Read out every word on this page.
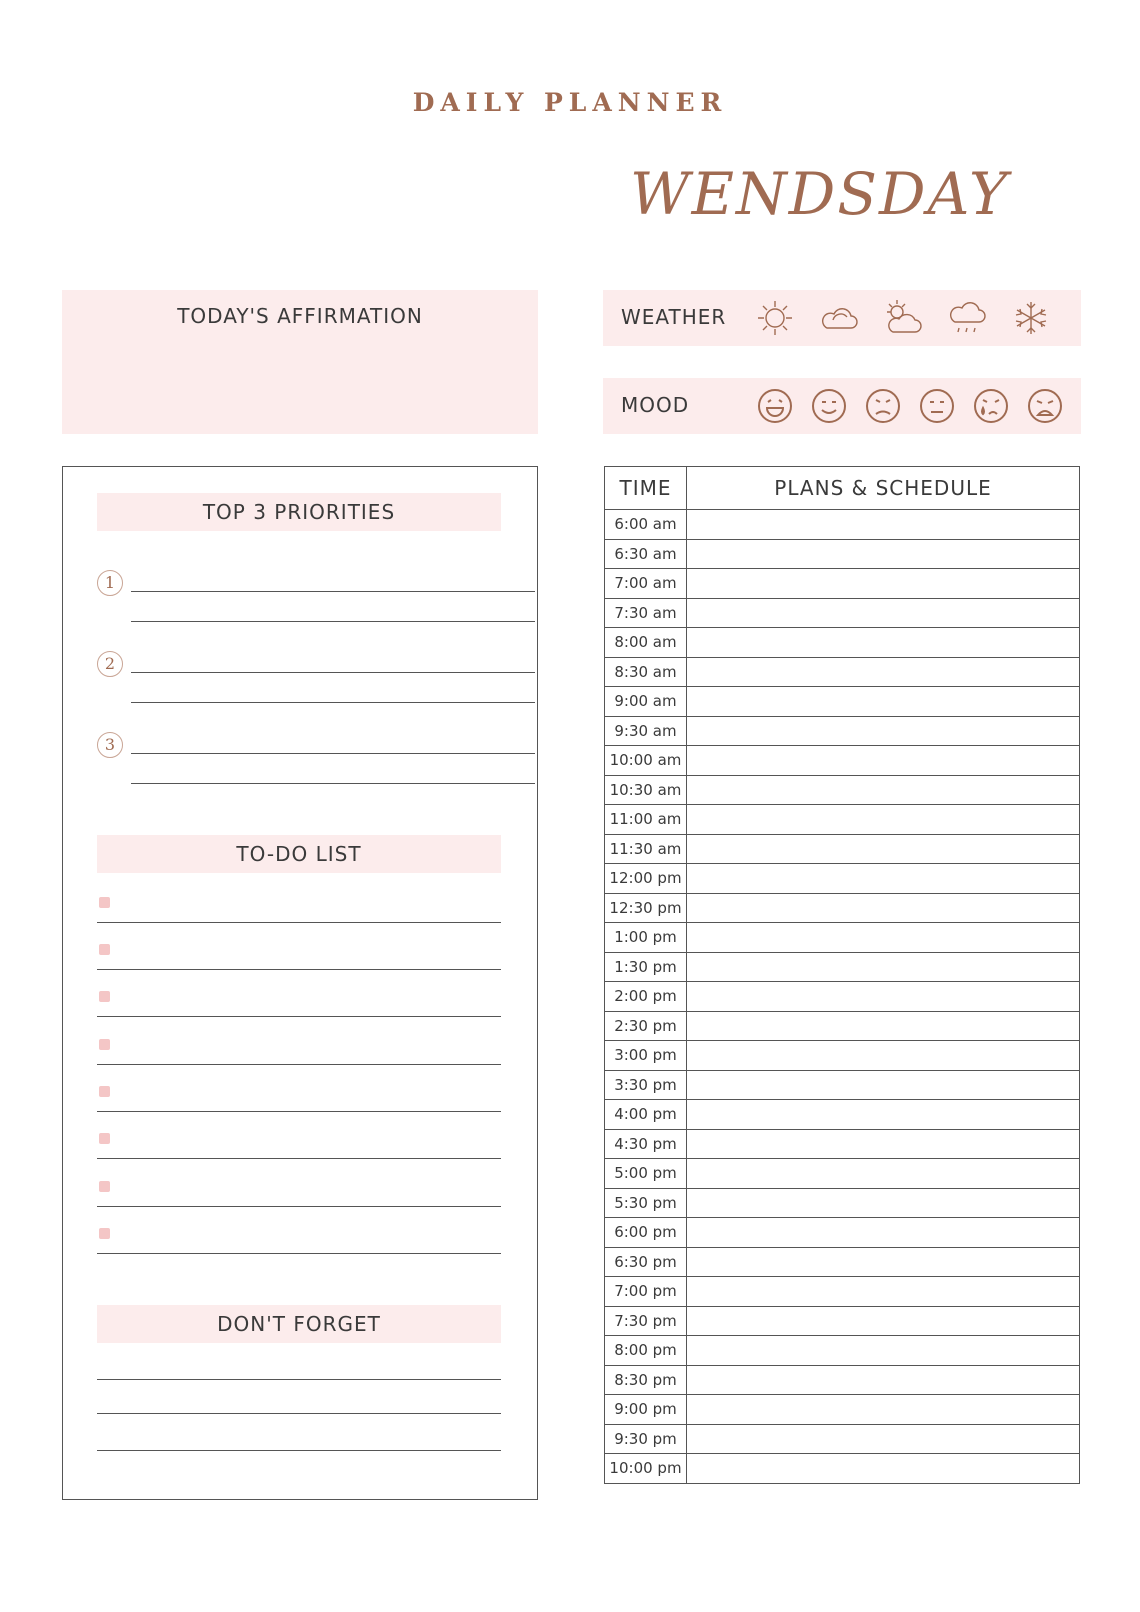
DAILY PLANNER
WENDSDAY
TODAY'S AFFIRMATION	WEATHER
MOOD
TOP 3 PRIORITIES
1
2
3
TO-DO LIST
DON'T FORGET
TIME	PLANS & SCHEDULE
6:00 am	
6:30 am	
7:00 am	
7:30 am	
8:00 am	
8:30 am	
9:00 am	
9:30 am	
10:00 am	
10:30 am	
11:00 am	
11:30 am	
12:00 pm	
12:30 pm	
1:00 pm	
1:30 pm	
2:00 pm	
2:30 pm	
3:00 pm	
3:30 pm	
4:00 pm	
4:30 pm	
5:00 pm	
5:30 pm	
6:00 pm	
6:30 pm	
7:00 pm	
7:30 pm	
8:00 pm	
8:30 pm	
9:00 pm	
9:30 pm	
10:00 pm	
